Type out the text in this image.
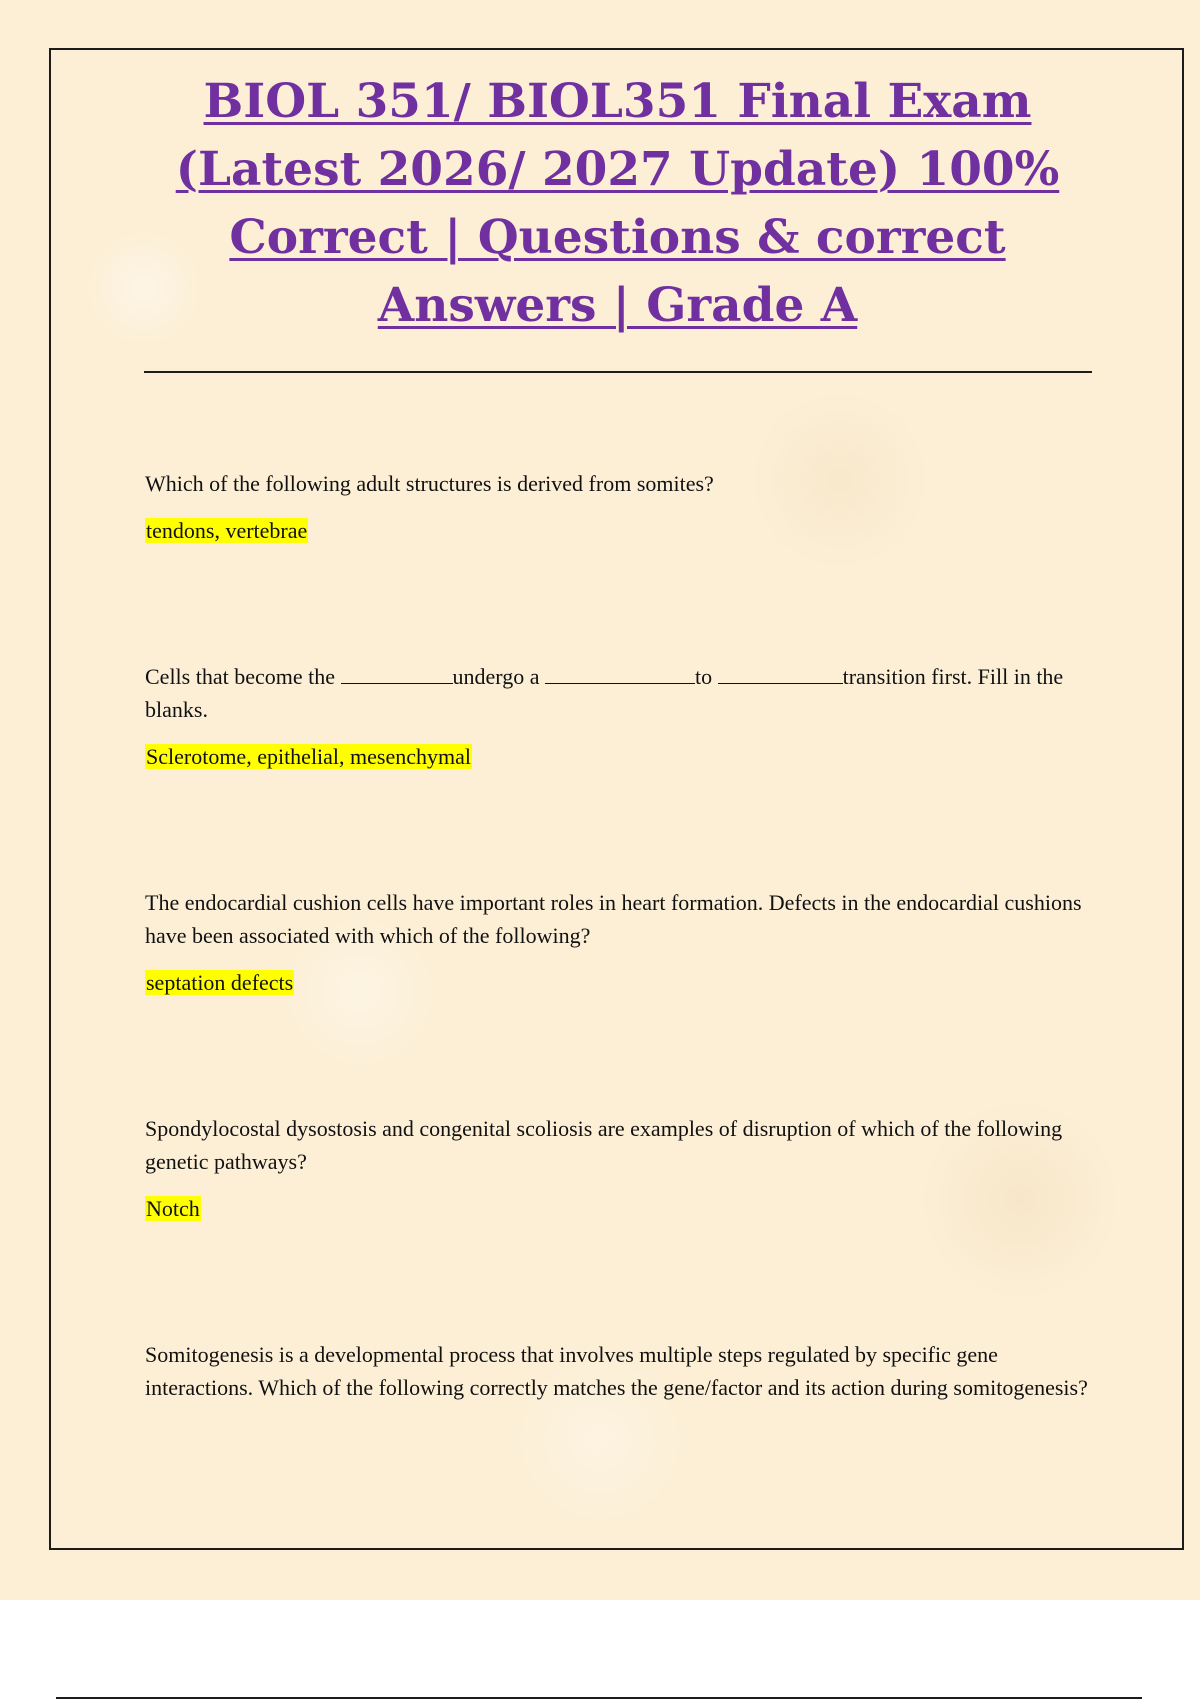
BIOL 351/ BIOL351 Final Exam (Latest 2026/ 2027 Update) 100% Correct | Questions & correct Answers | Grade A

Which of the following adult structures is derived from somites?

tendons, vertebrae

Cells that become the	undergo a	to	transition first. Fill in the blanks.

Sclerotome, epithelial, mesenchymal

The endocardial cushion cells have important roles in heart formation. Defects in the endocardial cushions have been associated with which of the following?

septation defects

Spondylocostal dysostosis and congenital scoliosis are examples of disruption of which of the following genetic pathways?

Notch

Somitogenesis is a developmental process that involves multiple steps regulated by specific gene interactions. Which of the following correctly matches the gene/factor and its action during somitogenesis?
